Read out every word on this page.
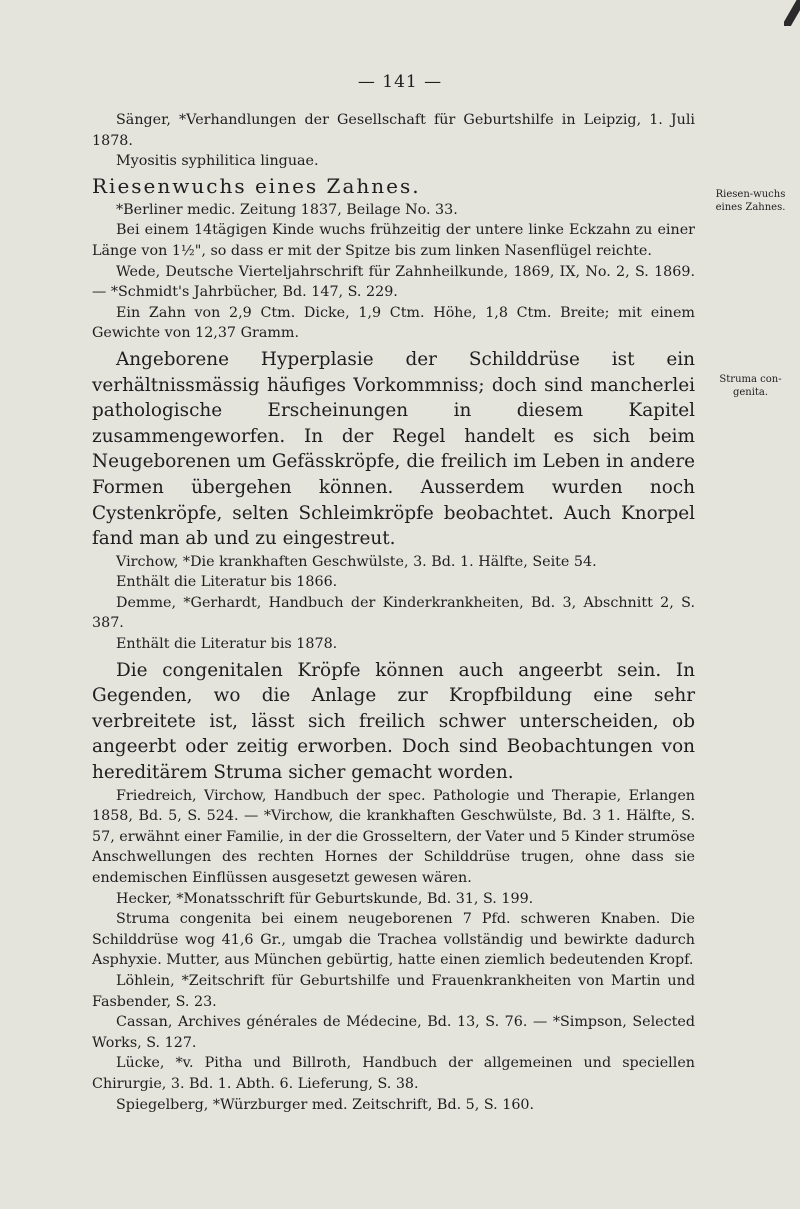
— 141 —
Riesen-wuchs eines Zahnes.
Struma con-genita.

Sänger, *Verhandlungen der Gesellschaft für Geburtshilfe in Leipzig, 1. Juli 1878.

Myositis syphilitica linguae.

Riesenwuchs eines Zahnes.

*Berliner medic. Zeitung 1837, Beilage No. 33.

Bei einem 14tägigen Kinde wuchs frühzeitig der untere linke Eckzahn zu einer Länge von 1½", so dass er mit der Spitze bis zum linken Nasenflügel reichte.

Wede, Deutsche Vierteljahrschrift für Zahnheilkunde, 1869, IX, No. 2, S. 1869. — *Schmidt's Jahrbücher, Bd. 147, S. 229.

Ein Zahn von 2,9 Ctm. Dicke, 1,9 Ctm. Höhe, 1,8 Ctm. Breite; mit einem Gewichte von 12,37 Gramm.

Angeborene Hyperplasie der Schilddrüse ist ein verhältnissmässig häufiges Vorkommniss; doch sind mancherlei pathologische Erscheinungen in diesem Kapitel zusammengeworfen. In der Regel handelt es sich beim Neugeborenen um Gefässkröpfe, die freilich im Leben in andere Formen übergehen können. Ausserdem wurden noch Cystenkröpfe, selten Schleimkröpfe beobachtet. Auch Knorpel fand man ab und zu eingestreut.

Virchow, *Die krankhaften Geschwülste, 3. Bd. 1. Hälfte, Seite 54.

Enthält die Literatur bis 1866.

Demme, *Gerhardt, Handbuch der Kinderkrankheiten, Bd. 3, Abschnitt 2, S. 387.

Enthält die Literatur bis 1878.

Die congenitalen Kröpfe können auch angeerbt sein. In Gegenden, wo die Anlage zur Kropfbildung eine sehr verbreitete ist, lässt sich freilich schwer unterscheiden, ob angeerbt oder zeitig erworben. Doch sind Beobachtungen von hereditärem Struma sicher gemacht worden.

Friedreich, Virchow, Handbuch der spec. Pathologie und Therapie, Erlangen 1858, Bd. 5, S. 524. — *Virchow, die krankhaften Geschwülste, Bd. 3 1. Hälfte, S. 57, erwähnt einer Familie, in der die Grosseltern, der Vater und 5 Kinder strumöse Anschwellungen des rechten Hornes der Schilddrüse trugen, ohne dass sie endemischen Einflüssen ausgesetzt gewesen wären.

Hecker, *Monatsschrift für Geburtskunde, Bd. 31, S. 199.

Struma congenita bei einem neugeborenen 7 Pfd. schweren Knaben. Die Schilddrüse wog 41,6 Gr., umgab die Trachea vollständig und bewirkte dadurch Asphyxie. Mutter, aus München gebürtig, hatte einen ziemlich bedeutenden Kropf.

Löhlein, *Zeitschrift für Geburtshilfe und Frauenkrankheiten von Martin und Fasbender, S. 23.

Cassan, Archives générales de Médecine, Bd. 13, S. 76. — *Simpson, Selected Works, S. 127.

Lücke, *v. Pitha und Billroth, Handbuch der allgemeinen und speciellen Chirurgie, 3. Bd. 1. Abth. 6. Lieferung, S. 38.

Spiegelberg, *Würzburger med. Zeitschrift, Bd. 5, S. 160.
